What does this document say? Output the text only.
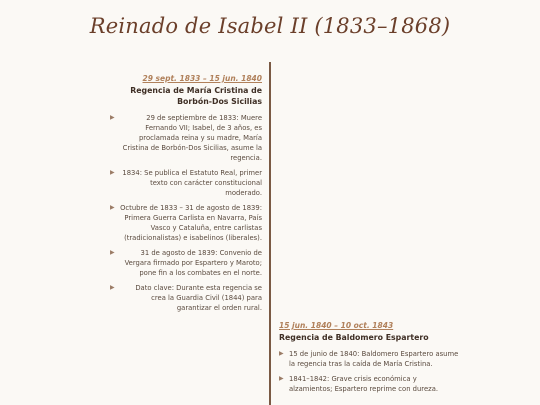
Reinado de Isabel II (1833–1868)
29 sept. 1833 – 15 jun. 1840
Regencia de María Cristina de Borbón-Dos Sicilias
▶	29 de septiembre de 1833: Muere Fernando VII; Isabel, de 3 años, es proclamada reina y su madre, María Cristina de Borbón-Dos Sicilias, asume la regencia.
▶ 1834: Se publica el Estatuto Real, primer texto con carácter constitucional moderado.
▶ Octubre de 1833 – 31 de agosto de 1839: Primera Guerra Carlista en Navarra, País Vasco y Cataluña, entre carlistas (tradicionalistas) e isabelinos (liberales).
▶	31 de agosto de 1839: Convenio de Vergara firmado por Espartero y Maroto; pone fin a los combates en el norte.
▶	Dato clave: Durante esta regencia se crea la Guardia Civil (1844) para garantizar el orden rural.
15 jun. 1840 – 10 oct. 1843
Regencia de Baldomero Espartero
▶ 15 de junio de 1840: Baldomero Espartero asume la regencia tras la caída de María Cristina.
▶ 1841–1842: Grave crisis económica y alzamientos; Espartero reprime con dureza.
